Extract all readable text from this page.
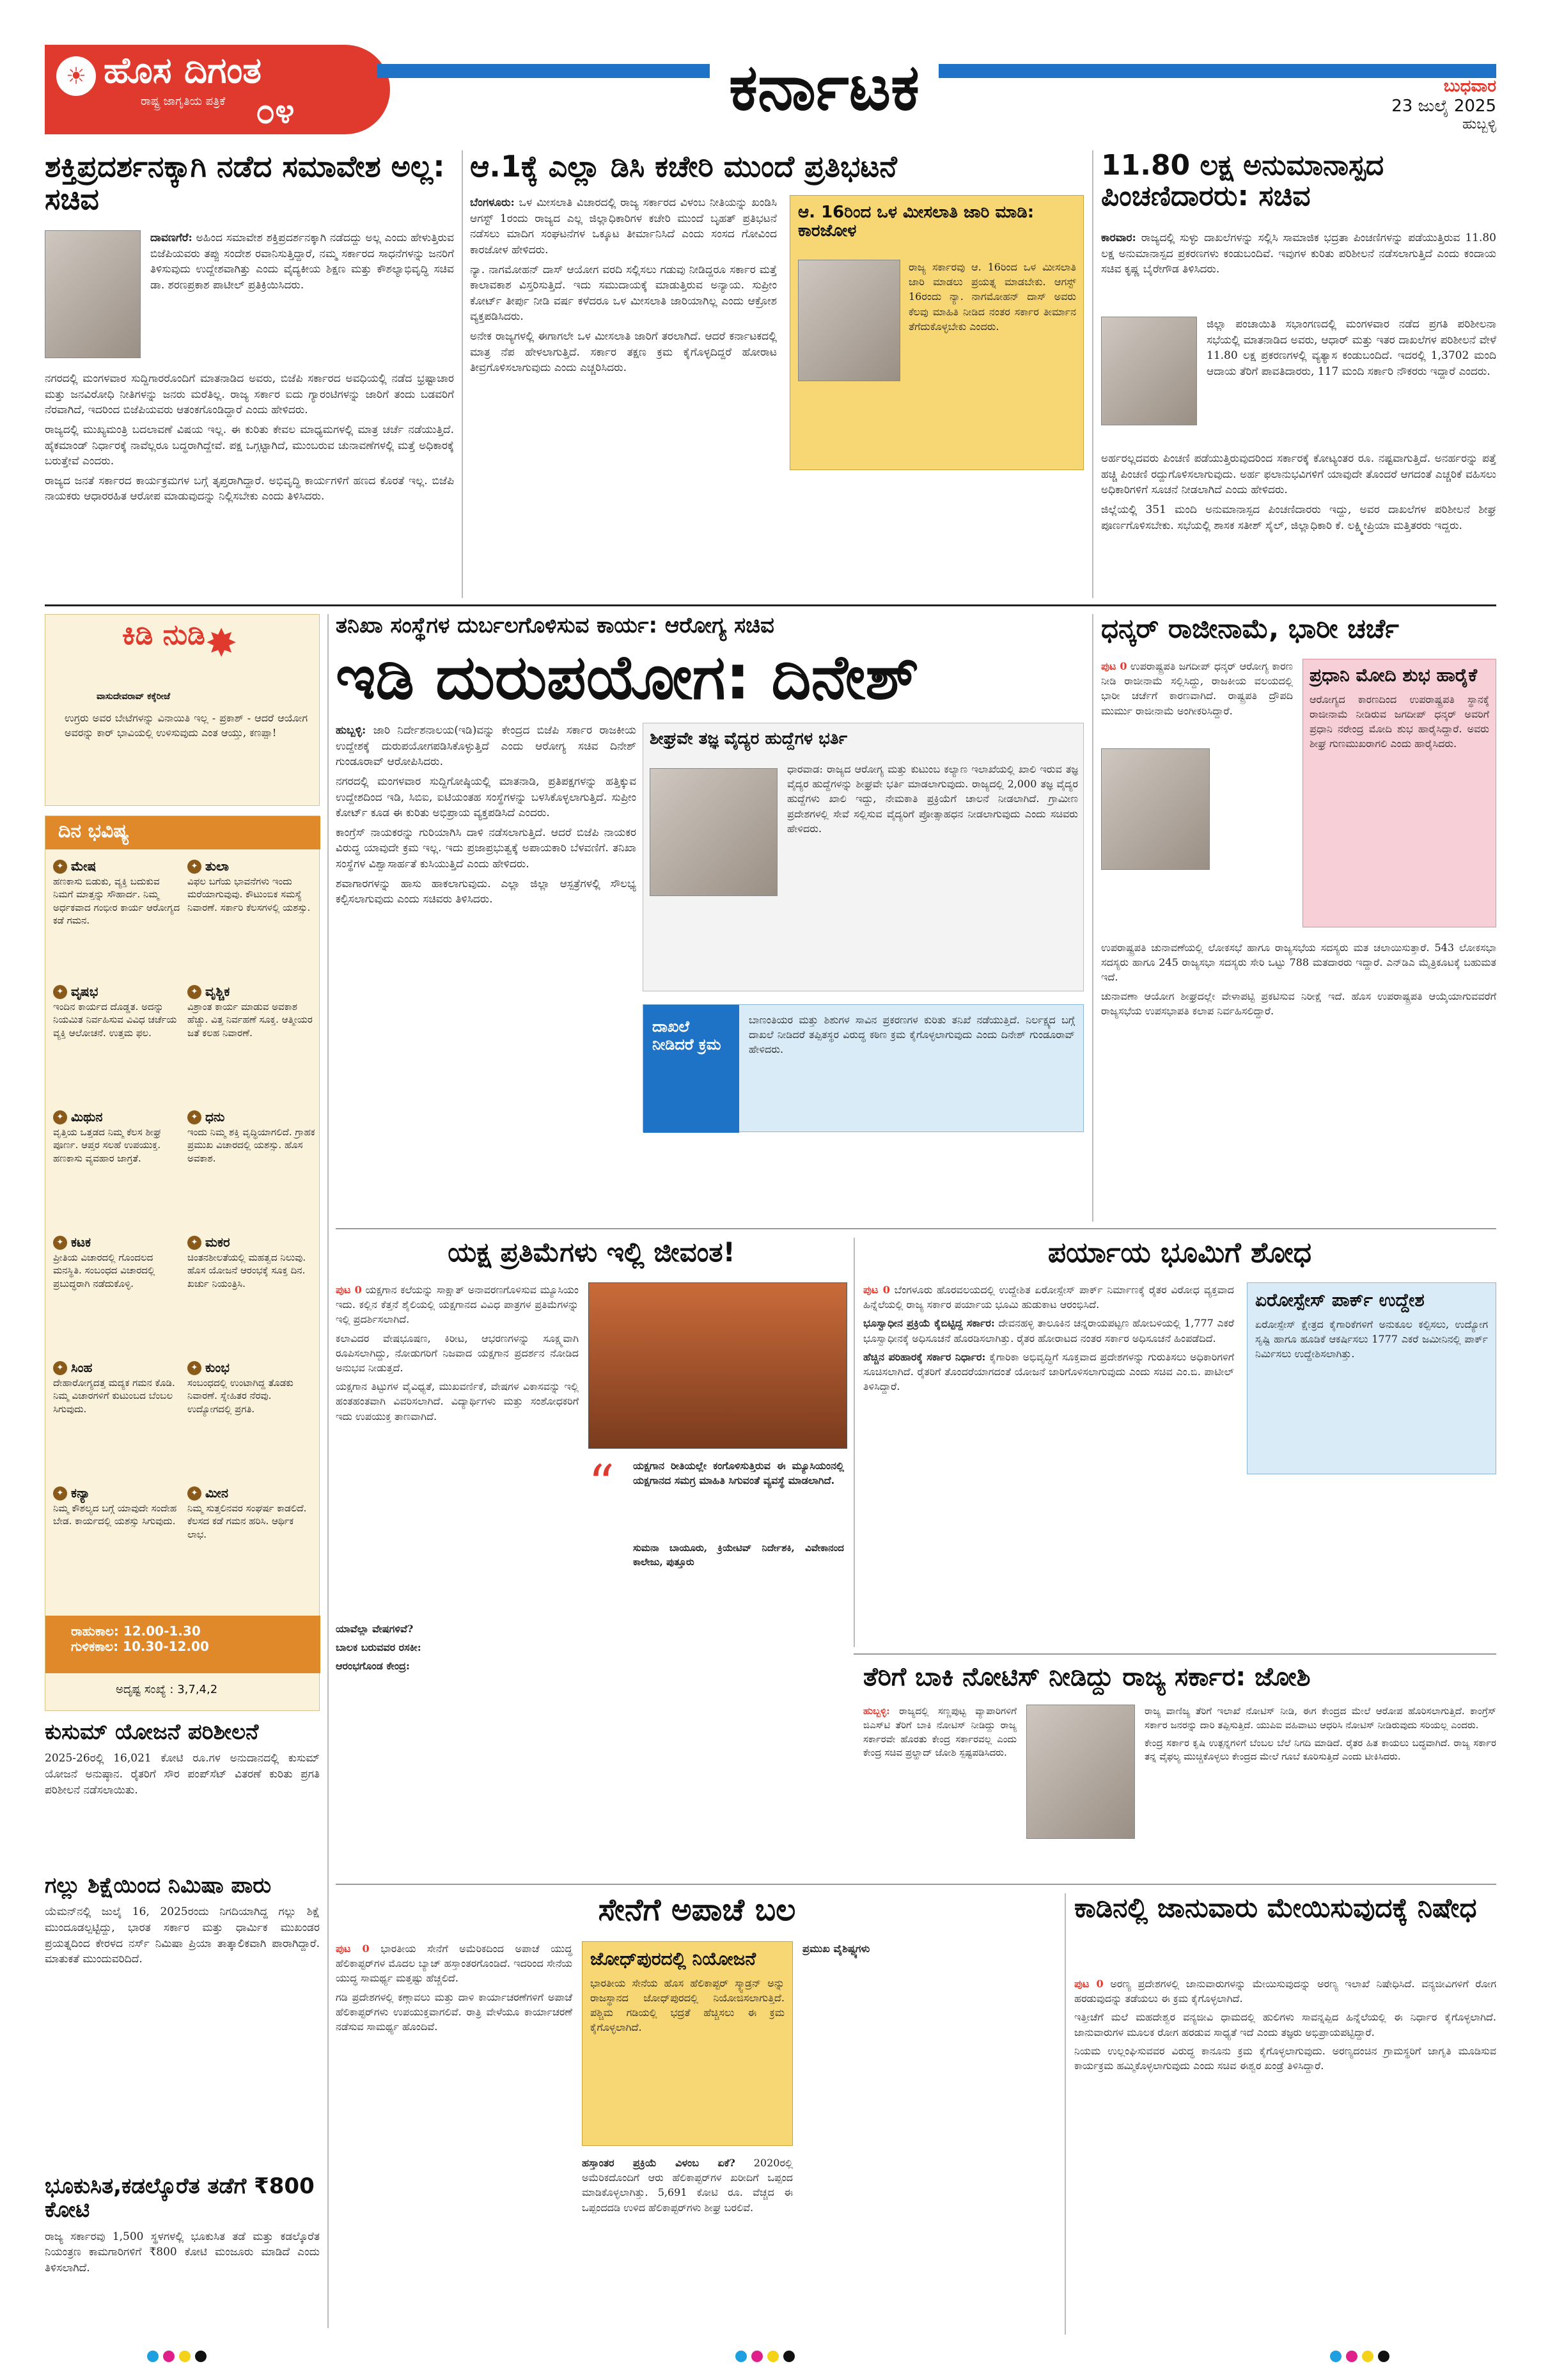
☀ ಹೊಸ ದಿಗಂತ
ರಾಷ್ಟ್ರ ಜಾಗೃತಿಯ ಪತ್ರಿಕೆ ೦೪	ಕರ್ನಾಟಕ	ಬುಧವಾರ
23 ಜುಲೈ 2025
ಹುಬ್ಬಳ್ಳಿ
ಶಕ್ತಿಪ್ರದರ್ಶನಕ್ಕಾಗಿ ನಡೆದ ಸಮಾವೇಶ ಅಲ್ಲ: ಸಚಿವ

ದಾವಣಗೆರೆ: ಅಹಿಂದ ಸಮಾವೇಶ ಶಕ್ತಿಪ್ರದರ್ಶನಕ್ಕಾಗಿ ನಡೆದದ್ದು ಅಲ್ಲ ಎಂದು ಹೇಳುತ್ತಿರುವ ಬಿಜೆಪಿಯವರು ತಪ್ಪು ಸಂದೇಶ ರವಾನಿಸುತ್ತಿದ್ದಾರೆ, ನಮ್ಮ ಸರ್ಕಾರದ ಸಾಧನೆಗಳನ್ನು ಜನರಿಗೆ ತಿಳಿಸುವುದು ಉದ್ದೇಶವಾಗಿತ್ತು ಎಂದು ವೈದ್ಯಕೀಯ ಶಿಕ್ಷಣ ಮತ್ತು ಕೌಶಲ್ಯಾಭಿವೃದ್ಧಿ ಸಚಿವ ಡಾ. ಶರಣಪ್ರಕಾಶ ಪಾಟೀಲ್ ಪ್ರತಿಕ್ರಿಯಿಸಿದರು.

ನಗರದಲ್ಲಿ ಮಂಗಳವಾರ ಸುದ್ದಿಗಾರರೊಂದಿಗೆ ಮಾತನಾಡಿದ ಅವರು, ಬಿಜೆಪಿ ಸರ್ಕಾರದ ಅವಧಿಯಲ್ಲಿ ನಡೆದ ಭ್ರಷ್ಟಾಚಾರ ಮತ್ತು ಜನವಿರೋಧಿ ನೀತಿಗಳನ್ನು ಜನರು ಮರೆತಿಲ್ಲ. ರಾಜ್ಯ ಸರ್ಕಾರ ಐದು ಗ್ಯಾರಂಟಿಗಳನ್ನು ಜಾರಿಗೆ ತಂದು ಬಡವರಿಗೆ ನೆರವಾಗಿದೆ, ಇದರಿಂದ ಬಿಜೆಪಿಯವರು ಆತಂಕಗೊಂಡಿದ್ದಾರೆ ಎಂದು ಹೇಳಿದರು.

ರಾಜ್ಯದಲ್ಲಿ ಮುಖ್ಯಮಂತ್ರಿ ಬದಲಾವಣೆ ವಿಷಯ ಇಲ್ಲ. ಈ ಕುರಿತು ಕೇವಲ ಮಾಧ್ಯಮಗಳಲ್ಲಿ ಮಾತ್ರ ಚರ್ಚೆ ನಡೆಯುತ್ತಿದೆ. ಹೈಕಮಾಂಡ್ ನಿರ್ಧಾರಕ್ಕೆ ನಾವೆಲ್ಲರೂ ಬದ್ಧರಾಗಿದ್ದೇವೆ. ಪಕ್ಷ ಒಗ್ಗಟ್ಟಾಗಿದೆ, ಮುಂಬರುವ ಚುನಾವಣೆಗಳಲ್ಲಿ ಮತ್ತೆ ಅಧಿಕಾರಕ್ಕೆ ಬರುತ್ತೇವೆ ಎಂದರು.

ರಾಜ್ಯದ ಜನತೆ ಸರ್ಕಾರದ ಕಾರ್ಯಕ್ರಮಗಳ ಬಗ್ಗೆ ತೃಪ್ತರಾಗಿದ್ದಾರೆ. ಅಭಿವೃದ್ಧಿ ಕಾರ್ಯಗಳಿಗೆ ಹಣದ ಕೊರತೆ ಇಲ್ಲ. ಬಿಜೆಪಿ ನಾಯಕರು ಆಧಾರರಹಿತ ಆರೋಪ ಮಾಡುವುದನ್ನು ನಿಲ್ಲಿಸಬೇಕು ಎಂದು ತಿಳಿಸಿದರು.

ಆ.1ಕ್ಕೆ ಎಲ್ಲಾ ಡಿಸಿ ಕಚೇರಿ ಮುಂದೆ ಪ್ರತಿಭಟನೆ

ಬೆಂಗಳೂರು: ಒಳ ಮೀಸಲಾತಿ ವಿಚಾರದಲ್ಲಿ ರಾಜ್ಯ ಸರ್ಕಾರದ ವಿಳಂಬ ನೀತಿಯನ್ನು ಖಂಡಿಸಿ ಆಗಸ್ಟ್ 1ರಂದು ರಾಜ್ಯದ ಎಲ್ಲ ಜಿಲ್ಲಾಧಿಕಾರಿಗಳ ಕಚೇರಿ ಮುಂದೆ ಬೃಹತ್ ಪ್ರತಿಭಟನೆ ನಡೆಸಲು ಮಾದಿಗ ಸಂಘಟನೆಗಳ ಒಕ್ಕೂಟ ತೀರ್ಮಾನಿಸಿದೆ ಎಂದು ಸಂಸದ ಗೋವಿಂದ ಕಾರಜೋಳ ಹೇಳಿದರು.

ನ್ಯಾ. ನಾಗಮೋಹನ್ ದಾಸ್ ಆಯೋಗ ವರದಿ ಸಲ್ಲಿಸಲು ಗಡುವು ನೀಡಿದ್ದರೂ ಸರ್ಕಾರ ಮತ್ತೆ ಕಾಲಾವಕಾಶ ವಿಸ್ತರಿಸುತ್ತಿದೆ. ಇದು ಸಮುದಾಯಕ್ಕೆ ಮಾಡುತ್ತಿರುವ ಅನ್ಯಾಯ. ಸುಪ್ರೀಂ ಕೋರ್ಟ್ ತೀರ್ಪು ನೀಡಿ ವರ್ಷ ಕಳೆದರೂ ಒಳ ಮೀಸಲಾತಿ ಜಾರಿಯಾಗಿಲ್ಲ ಎಂದು ಆಕ್ರೋಶ ವ್ಯಕ್ತಪಡಿಸಿದರು.

ಅನೇಕ ರಾಜ್ಯಗಳಲ್ಲಿ ಈಗಾಗಲೇ ಒಳ ಮೀಸಲಾತಿ ಜಾರಿಗೆ ತರಲಾಗಿದೆ. ಆದರೆ ಕರ್ನಾಟಕದಲ್ಲಿ ಮಾತ್ರ ನೆಪ ಹೇಳಲಾಗುತ್ತಿದೆ. ಸರ್ಕಾರ ತಕ್ಷಣ ಕ್ರಮ ಕೈಗೊಳ್ಳದಿದ್ದರೆ ಹೋರಾಟ ತೀವ್ರಗೊಳಿಸಲಾಗುವುದು ಎಂದು ಎಚ್ಚರಿಸಿದರು.

ಆ. 16ರಿಂದ ಒಳ ಮೀಸಲಾತಿ ಜಾರಿ ಮಾಡಿ: ಕಾರಜೋಳ
ರಾಜ್ಯ ಸರ್ಕಾರವು ಆ. 16ರಿಂದ ಒಳ ಮೀಸಲಾತಿ ಜಾರಿ ಮಾಡಲು ಪ್ರಯತ್ನ ಮಾಡಬೇಕು. ಆಗಸ್ಟ್ 16ರಂದು ನ್ಯಾ. ನಾಗಮೋಹನ್ ದಾಸ್ ಅವರು ಕೆಲವು ಮಾಹಿತಿ ನೀಡಿದ ನಂತರ ಸರ್ಕಾರ ತೀರ್ಮಾನ ತೆಗೆದುಕೊಳ್ಳಬೇಕು ಎಂದರು.
11.80 ಲಕ್ಷ ಅನುಮಾನಾಸ್ಪದ ಪಿಂಚಣಿದಾರರು: ಸಚಿವ

ಕಾರವಾರ: ರಾಜ್ಯದಲ್ಲಿ ಸುಳ್ಳು ದಾಖಲೆಗಳನ್ನು ಸಲ್ಲಿಸಿ ಸಾಮಾಜಿಕ ಭದ್ರತಾ ಪಿಂಚಣಿಗಳನ್ನು ಪಡೆಯುತ್ತಿರುವ 11.80 ಲಕ್ಷ ಅನುಮಾನಾಸ್ಪದ ಪ್ರಕರಣಗಳು ಕಂಡುಬಂದಿವೆ. ಇವುಗಳ ಕುರಿತು ಪರಿಶೀಲನೆ ನಡೆಸಲಾಗುತ್ತಿದೆ ಎಂದು ಕಂದಾಯ ಸಚಿವ ಕೃಷ್ಣ ಬೈರೇಗೌಡ ತಿಳಿಸಿದರು.

ಜಿಲ್ಲಾ ಪಂಚಾಯಿತಿ ಸಭಾಂಗಣದಲ್ಲಿ ಮಂಗಳವಾರ ನಡೆದ ಪ್ರಗತಿ ಪರಿಶೀಲನಾ ಸಭೆಯಲ್ಲಿ ಮಾತನಾಡಿದ ಅವರು, ಆಧಾರ್ ಮತ್ತು ಇತರ ದಾಖಲೆಗಳ ಪರಿಶೀಲನೆ ವೇಳೆ 11.80 ಲಕ್ಷ ಪ್ರಕರಣಗಳಲ್ಲಿ ವ್ಯತ್ಯಾಸ ಕಂಡುಬಂದಿದೆ. ಇದರಲ್ಲಿ 1,3702 ಮಂದಿ ಆದಾಯ ತೆರಿಗೆ ಪಾವತಿದಾರರು, 117 ಮಂದಿ ಸರ್ಕಾರಿ ನೌಕರರು ಇದ್ದಾರೆ ಎಂದರು.

ಅರ್ಹರಲ್ಲದವರು ಪಿಂಚಣಿ ಪಡೆಯುತ್ತಿರುವುದರಿಂದ ಸರ್ಕಾರಕ್ಕೆ ಕೋಟ್ಯಂತರ ರೂ. ನಷ್ಟವಾಗುತ್ತಿದೆ. ಅನರ್ಹರನ್ನು ಪತ್ತೆ ಹಚ್ಚಿ ಪಿಂಚಣಿ ರದ್ದುಗೊಳಿಸಲಾಗುವುದು. ಅರ್ಹ ಫಲಾನುಭವಿಗಳಿಗೆ ಯಾವುದೇ ತೊಂದರೆ ಆಗದಂತೆ ಎಚ್ಚರಿಕೆ ವಹಿಸಲು ಅಧಿಕಾರಿಗಳಿಗೆ ಸೂಚನೆ ನೀಡಲಾಗಿದೆ ಎಂದು ಹೇಳಿದರು.

ಜಿಲ್ಲೆಯಲ್ಲಿ 351 ಮಂದಿ ಅನುಮಾನಾಸ್ಪದ ಪಿಂಚಣಿದಾರರು ಇದ್ದು, ಅವರ ದಾಖಲೆಗಳ ಪರಿಶೀಲನೆ ಶೀಘ್ರ ಪೂರ್ಣಗೊಳಿಸಬೇಕು. ಸಭೆಯಲ್ಲಿ ಶಾಸಕ ಸತೀಶ್ ಸೈಲ್, ಜಿಲ್ಲಾಧಿಕಾರಿ ಕೆ. ಲಕ್ಷ್ಮೀಪ್ರಿಯಾ ಮತ್ತಿತರರು ಇದ್ದರು.

✸
ಕಿಡಿ ನುಡಿ
ವಾಸುದೇವರಾವ್ ಕಕ್ಕೆರೀಜೆ
ಉಗ್ರರು ಅವರ ಬೇಟೆಗಳನ್ನು ವಿನಾಯಿತಿ ಇಲ್ಲ - ಪ್ರಕಾಶ್ - ಆದರೆ ಆಯೋಗ ಅವರನ್ನು ಕಾರ್ ಭಾವಿಯಲ್ಲಿ ಉಳಿಸುವುದು ಎಂತ ಆಯ್ತು, ಕಣಪ್ಪಾ!
ದಿನ ಭವಿಷ್ಯ
✦ ಮೇಷ
ಹಣಕಾಸು ಬಿಡುಕು, ವ್ಯಕ್ತಿ ಬದುಕುವ ನಿಮಗೆ ಮಾತ್ತನ್ನು ಸೌಹಾರ್ದ. ನಿಮ್ಮ ಅರ್ಧಕವಾದ ಗಂಭೀರ ಕಾರ್ಯ ಆರೋಗ್ಯದ ಕಡೆ ಗಮನ.
✦ ತುಲಾ
ವಿಫಲ ಬಗೆಯ ಭಾವನೆಗಳು ಇಂದು ಮರೆಯಾಗುವುವು. ಕೌಟುಂಬಿಕ ಸಮಸ್ಯೆ ನಿವಾರಣೆ. ಸರ್ಕಾರಿ ಕೆಲಸಗಳಲ್ಲಿ ಯಶಸ್ಸು.
✦ ವೃಷಭ
ಇಂದಿನ ಕಾರ್ಯದ ದೊಡ್ಡತ. ಅದನ್ನು ನಿಯಮಿತ ನಿರ್ವಹಿಸುವ ವಿವಿಧ ಚರ್ಚೆಯ ವ್ಯಕ್ತಿ ಆಲೋಚನೆ. ಉತ್ತಮ ಫಲ.
✦ ವೃಶ್ಚಿಕ
ವಿಶ್ರಾಂತ ಕಾರ್ಯ ಮಾಡುವ ಅವಕಾಶ ಹೆಚ್ಚು. ವಿತ್ತ ನಿರ್ವಹಣೆ ಸೂಕ್ತ. ಆತ್ಮೀಯರ ಜತೆ ಕಲಹ ನಿವಾರಣೆ.
✦ ಮಿಥುನ
ವೃತ್ತಿಯ ಒತ್ತಡದ ನಿಮ್ಮ ಕೆಲಸ ಶೀಘ್ರ ಪೂರ್ಣ. ಆಪ್ತರ ಸಲಹೆ ಉಪಯುಕ್ತ. ಹಣಕಾಸು ವ್ಯವಹಾರ ಜಾಗ್ರತೆ.
✦ ಧನು
ಇಂದು ನಿಮ್ಮ ಶಕ್ತಿ ವೃದ್ಧಿಯಾಗಲಿದೆ. ಗ್ರಾಹಕ ಪ್ರಮುಖ ವಿಚಾರದಲ್ಲಿ ಯಶಸ್ಸು. ಹೊಸ ಅವಕಾಶ.
✦ ಕಟಕ
ಪ್ರೀತಿಯ ವಿಚಾರದಲ್ಲಿ ಗೊಂದಲದ ಮನಸ್ಥಿತಿ. ಸಂಬಂಧದ ವಿಚಾರದಲ್ಲಿ ಪ್ರಬುದ್ಧರಾಗಿ ನಡೆದುಕೊಳ್ಳಿ.
✦ ಮಕರ
ಚಿಂತನಶೀಲತೆಯಲ್ಲಿ ಮಹತ್ವದ ನಿಲುವು. ಹೊಸ ಯೋಜನೆ ಆರಂಭಕ್ಕೆ ಸೂಕ್ತ ದಿನ. ಖರ್ಚು ನಿಯಂತ್ರಿಸಿ.
✦ ಸಿಂಹ
ದೇಹಾರೋಗ್ಯದತ್ತ ಮದ್ಯಕ ಗಮನ ಕೊಡಿ. ನಿಮ್ಮ ವಿಚಾರಗಳಿಗೆ ಕುಟುಂಬದ ಬೆಂಬಲ ಸಿಗುವುದು.
✦ ಕುಂಭ
ಸಂಬಂಧದಲ್ಲಿ ಉಂಟಾಗಿದ್ದ ತೊಡಕು ನಿವಾರಣೆ. ಸ್ನೇಹಿತರ ನೆರವು. ಉದ್ಯೋಗದಲ್ಲಿ ಪ್ರಗತಿ.
✦ ಕನ್ಯಾ
ನಿಮ್ಮ ಕೌಶಲ್ಯದ ಬಗ್ಗೆ ಯಾವುದೇ ಸಂದೇಹ ಬೇಡ. ಕಾರ್ಯದಲ್ಲಿ ಯಶಸ್ಸು ಸಿಗುವುದು.
✦ ಮೀನ
ನಿಮ್ಮ ಸುತ್ತಲಿನವರ ಸಂಘರ್ಷ ಕಾಡಲಿದೆ. ಕೆಲಸದ ಕಡೆ ಗಮನ ಹರಿಸಿ. ಆರ್ಥಿಕ ಲಾಭ.
ರಾಹುಕಾಲ: 12.00-1.30
ಗುಳಿಕಕಾಲ: 10.30-12.00
ಅದೃಷ್ಟ ಸಂಖ್ಯೆ : 3,7,4,2
ಕುಸುಮ್ ಯೋಜನೆ ಪರಿಶೀಲನೆ
2025-26ರಲ್ಲಿ 16,021 ಕೋಟಿ ರೂ.ಗಳ ಅನುದಾನದಲ್ಲಿ ಕುಸುಮ್ ಯೋಜನೆ ಅನುಷ್ಠಾನ. ರೈತರಿಗೆ ಸೌರ ಪಂಪ್‌ಸೆಟ್ ವಿತರಣೆ ಕುರಿತು ಪ್ರಗತಿ ಪರಿಶೀಲನೆ ನಡೆಸಲಾಯಿತು.
ಗಲ್ಲು ಶಿಕ್ಷೆಯಿಂದ ನಿಮಿಷಾ ಪಾರು
ಯೆಮನ್‌ನಲ್ಲಿ ಜುಲೈ 16, 2025ರಂದು ನಿಗದಿಯಾಗಿದ್ದ ಗಲ್ಲು ಶಿಕ್ಷೆ ಮುಂದೂಡಲ್ಪಟ್ಟಿದ್ದು, ಭಾರತ ಸರ್ಕಾರ ಮತ್ತು ಧಾರ್ಮಿಕ ಮುಖಂಡರ ಪ್ರಯತ್ನದಿಂದ ಕೇರಳದ ನರ್ಸ್ ನಿಮಿಷಾ ಪ್ರಿಯಾ ತಾತ್ಕಾಲಿಕವಾಗಿ ಪಾರಾಗಿದ್ದಾರೆ. ಮಾತುಕತೆ ಮುಂದುವರಿದಿದೆ.
ಭೂಕುಸಿತ,ಕಡಲ್ಕೊರೆತ ತಡೆಗೆ ₹800 ಕೋಟಿ
ರಾಜ್ಯ ಸರ್ಕಾರವು 1,500 ಸ್ಥಳಗಳಲ್ಲಿ ಭೂಕುಸಿತ ತಡೆ ಮತ್ತು ಕಡಲ್ಕೊರೆತ ನಿಯಂತ್ರಣ ಕಾಮಗಾರಿಗಳಿಗೆ ₹800 ಕೋಟಿ ಮಂಜೂರು ಮಾಡಿದೆ ಎಂದು ತಿಳಿಸಲಾಗಿದೆ.
ತನಿಖಾ ಸಂಸ್ಥೆಗಳ ದುರ್ಬಲಗೊಳಿಸುವ ಕಾರ್ಯ: ಆರೋಗ್ಯ ಸಚಿವ
ಇಡಿ ದುರುಪಯೋಗ: ದಿನೇಶ್

ಹುಬ್ಬಳ್ಳಿ: ಜಾರಿ ನಿರ್ದೇಶನಾಲಯ(ಇಡಿ)ವನ್ನು ಕೇಂದ್ರದ ಬಿಜೆಪಿ ಸರ್ಕಾರ ರಾಜಕೀಯ ಉದ್ದೇಶಕ್ಕೆ ದುರುಪಯೋಗಪಡಿಸಿಕೊಳ್ಳುತ್ತಿದೆ ಎಂದು ಆರೋಗ್ಯ ಸಚಿವ ದಿನೇಶ್ ಗುಂಡೂರಾವ್ ಆರೋಪಿಸಿದರು.

ನಗರದಲ್ಲಿ ಮಂಗಳವಾರ ಸುದ್ದಿಗೋಷ್ಠಿಯಲ್ಲಿ ಮಾತನಾಡಿ, ಪ್ರತಿಪಕ್ಷಗಳನ್ನು ಹತ್ತಿಕ್ಕುವ ಉದ್ದೇಶದಿಂದ ಇಡಿ, ಸಿಬಿಐ, ಐಟಿಯಂತಹ ಸಂಸ್ಥೆಗಳನ್ನು ಬಳಸಿಕೊಳ್ಳಲಾಗುತ್ತಿದೆ. ಸುಪ್ರೀಂ ಕೋರ್ಟ್ ಕೂಡ ಈ ಕುರಿತು ಅಭಿಪ್ರಾಯ ವ್ಯಕ್ತಪಡಿಸಿದೆ ಎಂದರು.

ಕಾಂಗ್ರೆಸ್ ನಾಯಕರನ್ನು ಗುರಿಯಾಗಿಸಿ ದಾಳಿ ನಡೆಸಲಾಗುತ್ತಿದೆ. ಆದರೆ ಬಿಜೆಪಿ ನಾಯಕರ ವಿರುದ್ಧ ಯಾವುದೇ ಕ್ರಮ ಇಲ್ಲ. ಇದು ಪ್ರಜಾಪ್ರಭುತ್ವಕ್ಕೆ ಅಪಾಯಕಾರಿ ಬೆಳವಣಿಗೆ. ತನಿಖಾ ಸಂಸ್ಥೆಗಳ ವಿಶ್ವಾಸಾರ್ಹತೆ ಕುಸಿಯುತ್ತಿದೆ ಎಂದು ಹೇಳಿದರು.

ಶವಾಗಾರಗಳನ್ನು ಹಾಸು ಹಾಕಲಾಗುವುದು. ಎಲ್ಲಾ ಜಿಲ್ಲಾ ಆಸ್ಪತ್ರೆಗಳಲ್ಲಿ ಸೌಲಭ್ಯ ಕಲ್ಪಿಸಲಾಗುವುದು ಎಂದು ಸಚಿವರು ತಿಳಿಸಿದರು.

ಶೀಘ್ರವೇ ತಜ್ಞ ವೈದ್ಯರ ಹುದ್ದೆಗಳ ಭರ್ತಿ
ಧಾರವಾಡ: ರಾಜ್ಯದ ಆರೋಗ್ಯ ಮತ್ತು ಕುಟುಂಬ ಕಲ್ಯಾಣ ಇಲಾಖೆಯಲ್ಲಿ ಖಾಲಿ ಇರುವ ತಜ್ಞ ವೈದ್ಯರ ಹುದ್ದೆಗಳನ್ನು ಶೀಘ್ರವೇ ಭರ್ತಿ ಮಾಡಲಾಗುವುದು. ರಾಜ್ಯದಲ್ಲಿ 2,000 ತಜ್ಞ ವೈದ್ಯರ ಹುದ್ದೆಗಳು ಖಾಲಿ ಇದ್ದು, ನೇಮಕಾತಿ ಪ್ರಕ್ರಿಯೆಗೆ ಚಾಲನೆ ನೀಡಲಾಗಿದೆ. ಗ್ರಾಮೀಣ ಪ್ರದೇಶಗಳಲ್ಲಿ ಸೇವೆ ಸಲ್ಲಿಸುವ ವೈದ್ಯರಿಗೆ ಪ್ರೋತ್ಸಾಹಧನ ನೀಡಲಾಗುವುದು ಎಂದು ಸಚಿವರು ಹೇಳಿದರು.
ದಾಖಲೆ ನೀಡಿದರೆ ಕ್ರಮ
ಬಾಣಂತಿಯರ ಮತ್ತು ಶಿಶುಗಳ ಸಾವಿನ ಪ್ರಕರಣಗಳ ಕುರಿತು ತನಿಖೆ ನಡೆಯುತ್ತಿದೆ. ನಿರ್ಲಕ್ಷ್ಯದ ಬಗ್ಗೆ ದಾಖಲೆ ನೀಡಿದರೆ ತಪ್ಪಿತಸ್ಥರ ವಿರುದ್ಧ ಕಠಿಣ ಕ್ರಮ ಕೈಗೊಳ್ಳಲಾಗುವುದು ಎಂದು ದಿನೇಶ್ ಗುಂಡೂರಾವ್ ಹೇಳಿದರು.
ಧನ್ಕರ್ ರಾಜೀನಾಮೆ, ಭಾರೀ ಚರ್ಚೆ

ಪುಟ 0 ಉಪರಾಷ್ಟ್ರಪತಿ ಜಗದೀಪ್ ಧನ್ಕರ್ ಆರೋಗ್ಯ ಕಾರಣ ನೀಡಿ ರಾಜೀನಾಮೆ ಸಲ್ಲಿಸಿದ್ದು, ರಾಜಕೀಯ ವಲಯದಲ್ಲಿ ಭಾರೀ ಚರ್ಚೆಗೆ ಕಾರಣವಾಗಿದೆ. ರಾಷ್ಟ್ರಪತಿ ದ್ರೌಪದಿ ಮುರ್ಮು ರಾಜೀನಾಮೆ ಅಂಗೀಕರಿಸಿದ್ದಾರೆ.

ಪ್ರಧಾನಿ ಮೋದಿ ಶುಭ ಹಾರೈಕೆ
ಆರೋಗ್ಯದ ಕಾರಣದಿಂದ ಉಪರಾಷ್ಟ್ರಪತಿ ಸ್ಥಾನಕ್ಕೆ ರಾಜೀನಾಮೆ ನೀಡಿರುವ ಜಗದೀಪ್ ಧನ್ಕರ್ ಅವರಿಗೆ ಪ್ರಧಾನಿ ನರೇಂದ್ರ ಮೋದಿ ಶುಭ ಹಾರೈಸಿದ್ದಾರೆ. ಅವರು ಶೀಘ್ರ ಗುಣಮುಖರಾಗಲಿ ಎಂದು ಹಾರೈಸಿದರು.

ಉಪರಾಷ್ಟ್ರಪತಿ ಚುನಾವಣೆಯಲ್ಲಿ ಲೋಕಸಭೆ ಹಾಗೂ ರಾಜ್ಯಸಭೆಯ ಸದಸ್ಯರು ಮತ ಚಲಾಯಿಸುತ್ತಾರೆ. 543 ಲೋಕಸಭಾ ಸದಸ್ಯರು ಹಾಗೂ 245 ರಾಜ್ಯಸಭಾ ಸದಸ್ಯರು ಸೇರಿ ಒಟ್ಟು 788 ಮತದಾರರು ಇದ್ದಾರೆ. ಎನ್‌ಡಿಎ ಮೈತ್ರಿಕೂಟಕ್ಕೆ ಬಹುಮತ ಇದೆ.

ಚುನಾವಣಾ ಆಯೋಗ ಶೀಘ್ರದಲ್ಲೇ ವೇಳಾಪಟ್ಟಿ ಪ್ರಕಟಿಸುವ ನಿರೀಕ್ಷೆ ಇದೆ. ಹೊಸ ಉಪರಾಷ್ಟ್ರಪತಿ ಆಯ್ಕೆಯಾಗುವವರೆಗೆ ರಾಜ್ಯಸಭೆಯ ಉಪಸಭಾಪತಿ ಕಲಾಪ ನಿರ್ವಹಿಸಲಿದ್ದಾರೆ.

ಯಕ್ಷ ಪ್ರತಿಮೆಗಳು ಇಲ್ಲಿ ಜೀವಂತ!

ಪುಟ 0 ಯಕ್ಷಗಾನ ಕಲೆಯನ್ನು ಸಾಕ್ಷಾತ್ ಅನಾವರಣಗೊಳಿಸುವ ಮ್ಯೂಸಿಯಂ ಇದು. ಕಲ್ಲಿನ ಕೆತ್ತನೆ ಶೈಲಿಯಲ್ಲಿ ಯಕ್ಷಗಾನದ ವಿವಿಧ ಪಾತ್ರಗಳ ಪ್ರತಿಮೆಗಳನ್ನು ಇಲ್ಲಿ ಪ್ರದರ್ಶಿಸಲಾಗಿದೆ.

ಕಲಾವಿದರ ವೇಷಭೂಷಣ, ಕಿರೀಟ, ಆಭರಣಗಳನ್ನು ಸೂಕ್ಷ್ಮವಾಗಿ ರೂಪಿಸಲಾಗಿದ್ದು, ನೋಡುಗರಿಗೆ ನಿಜವಾದ ಯಕ್ಷಗಾನ ಪ್ರದರ್ಶನ ನೋಡಿದ ಅನುಭವ ನೀಡುತ್ತದೆ.

ಯಕ್ಷಗಾನ ತಿಟ್ಟುಗಳ ವೈವಿಧ್ಯತೆ, ಮುಖವರ್ಣಿಕೆ, ವೇಷಗಳ ವಿಕಾಸವನ್ನು ಇಲ್ಲಿ ಹಂತಹಂತವಾಗಿ ವಿವರಿಸಲಾಗಿದೆ. ವಿದ್ಯಾರ್ಥಿಗಳು ಮತ್ತು ಸಂಶೋಧಕರಿಗೆ ಇದು ಉಪಯುಕ್ತ ತಾಣವಾಗಿದೆ.

“ ಯಕ್ಷಗಾನ ರೀತಿಯಲ್ಲೇ ಕಂಗೊಳಿಸುತ್ತಿರುವ ಈ ಮ್ಯೂಸಿಯಂನಲ್ಲಿ ಯಕ್ಷಗಾನದ ಸಮಗ್ರ ಮಾಹಿತಿ ಸಿಗುವಂತೆ ವ್ಯವಸ್ಥೆ ಮಾಡಲಾಗಿದೆ.
ಸುಮನಾ ಬಾಯೂರು, ಕ್ರಿಯೇಟಿವ್ ನಿರ್ದೇಶಕಿ, ವಿವೇಕಾನಂದ ಕಾಲೇಜು, ಪುತ್ತೂರು

ಯಾವೆಲ್ಲಾ ವೇಷಗಳಿವೆ?

ಬಾಲಕ ಬರುವವರ ರಸಕೀ:

ಆರಂಭಗೊಂಡ ಕೇಂದ್ರ:

ಪರ್ಯಾಯ ಭೂಮಿಗೆ ಶೋಧ

ಪುಟ 0 ಬೆಂಗಳೂರು ಹೊರವಲಯದಲ್ಲಿ ಉದ್ದೇಶಿತ ಏರೋಸ್ಪೇಸ್ ಪಾರ್ಕ್ ನಿರ್ಮಾಣಕ್ಕೆ ರೈತರ ವಿರೋಧ ವ್ಯಕ್ತವಾದ ಹಿನ್ನೆಲೆಯಲ್ಲಿ ರಾಜ್ಯ ಸರ್ಕಾರ ಪರ್ಯಾಯ ಭೂಮಿ ಹುಡುಕಾಟ ಆರಂಭಿಸಿದೆ.

ಭೂಸ್ವಾಧೀನ ಪ್ರಕ್ರಿಯೆ ಕೈಬಿಟ್ಟಿದ್ದ ಸರ್ಕಾರ: ದೇವನಹಳ್ಳಿ ತಾಲೂಕಿನ ಚನ್ನರಾಯಪಟ್ಟಣ ಹೋಬಳಿಯಲ್ಲಿ 1,777 ಎಕರೆ ಭೂಸ್ವಾಧೀನಕ್ಕೆ ಅಧಿಸೂಚನೆ ಹೊರಡಿಸಲಾಗಿತ್ತು. ರೈತರ ಹೋರಾಟದ ನಂತರ ಸರ್ಕಾರ ಅಧಿಸೂಚನೆ ಹಿಂಪಡೆದಿದೆ.

ಹೆಚ್ಚಿನ ಪರಿಹಾರಕ್ಕೆ ಸರ್ಕಾರ ನಿರ್ಧಾರ: ಕೈಗಾರಿಕಾ ಅಭಿವೃದ್ಧಿಗೆ ಸೂಕ್ತವಾದ ಪ್ರದೇಶಗಳನ್ನು ಗುರುತಿಸಲು ಅಧಿಕಾರಿಗಳಿಗೆ ಸೂಚಿಸಲಾಗಿದೆ. ರೈತರಿಗೆ ತೊಂದರೆಯಾಗದಂತೆ ಯೋಜನೆ ಜಾರಿಗೊಳಿಸಲಾಗುವುದು ಎಂದು ಸಚಿವ ಎಂ.ಬಿ. ಪಾಟೀಲ್ ತಿಳಿಸಿದ್ದಾರೆ.

ಏರೋಸ್ಪೇಸ್ ಪಾರ್ಕ್ ಉದ್ದೇಶ
ಏರೋಸ್ಪೇಸ್ ಕ್ಷೇತ್ರದ ಕೈಗಾರಿಕೆಗಳಿಗೆ ಅನುಕೂಲ ಕಲ್ಪಿಸಲು, ಉದ್ಯೋಗ ಸೃಷ್ಟಿ ಹಾಗೂ ಹೂಡಿಕೆ ಆಕರ್ಷಿಸಲು 1777 ಎಕರೆ ಜಮೀನಿನಲ್ಲಿ ಪಾರ್ಕ್ ನಿರ್ಮಿಸಲು ಉದ್ದೇಶಿಸಲಾಗಿತ್ತು.
ತೆರಿಗೆ ಬಾಕಿ ನೋಟಿಸ್ ನೀಡಿದ್ದು ರಾಜ್ಯ ಸರ್ಕಾರ: ಜೋಶಿ

ಹುಬ್ಬಳ್ಳಿ: ರಾಜ್ಯದಲ್ಲಿ ಸಣ್ಣಪುಟ್ಟ ವ್ಯಾಪಾರಿಗಳಿಗೆ ಜಿಎಸ್‌ಟಿ ತೆರಿಗೆ ಬಾಕಿ ನೋಟಿಸ್ ನೀಡಿದ್ದು ರಾಜ್ಯ ಸರ್ಕಾರವೇ ಹೊರತು ಕೇಂದ್ರ ಸರ್ಕಾರವಲ್ಲ ಎಂದು ಕೇಂದ್ರ ಸಚಿವ ಪ್ರಲ್ಹಾದ್ ಜೋಶಿ ಸ್ಪಷ್ಟಪಡಿಸಿದರು.

ರಾಜ್ಯ ವಾಣಿಜ್ಯ ತೆರಿಗೆ ಇಲಾಖೆ ನೋಟಿಸ್ ನೀಡಿ, ಈಗ ಕೇಂದ್ರದ ಮೇಲೆ ಆರೋಪ ಹೊರಿಸಲಾಗುತ್ತಿದೆ. ಕಾಂಗ್ರೆಸ್ ಸರ್ಕಾರ ಜನರನ್ನು ದಾರಿ ತಪ್ಪಿಸುತ್ತಿದೆ. ಯುಪಿಐ ವಹಿವಾಟು ಆಧರಿಸಿ ನೋಟಿಸ್ ನೀಡಿರುವುದು ಸರಿಯಲ್ಲ ಎಂದರು.

ಕೇಂದ್ರ ಸರ್ಕಾರ ಕೃಷಿ ಉತ್ಪನ್ನಗಳಿಗೆ ಬೆಂಬಲ ಬೆಲೆ ನಿಗದಿ ಮಾಡಿದೆ. ರೈತರ ಹಿತ ಕಾಯಲು ಬದ್ಧವಾಗಿದೆ. ರಾಜ್ಯ ಸರ್ಕಾರ ತನ್ನ ವೈಫಲ್ಯ ಮುಚ್ಚಿಕೊಳ್ಳಲು ಕೇಂದ್ರದ ಮೇಲೆ ಗೂಬೆ ಕೂರಿಸುತ್ತಿದೆ ಎಂದು ಟೀಕಿಸಿದರು.

ಸೇನೆಗೆ ಅಪಾಚೆ ಬಲ

ಪುಟ 0 ಭಾರತೀಯ ಸೇನೆಗೆ ಅಮೆರಿಕದಿಂದ ಅಪಾಚೆ ಯುದ್ಧ ಹೆಲಿಕಾಪ್ಟರ್‌ಗಳ ಮೊದಲ ಬ್ಯಾಚ್ ಹಸ್ತಾಂತರಗೊಂಡಿದೆ. ಇದರಿಂದ ಸೇನೆಯ ಯುದ್ಧ ಸಾಮರ್ಥ್ಯ ಮತ್ತಷ್ಟು ಹೆಚ್ಚಲಿದೆ.

ಗಡಿ ಪ್ರದೇಶಗಳಲ್ಲಿ ಕಣ್ಗಾವಲು ಮತ್ತು ದಾಳಿ ಕಾರ್ಯಾಚರಣೆಗಳಿಗೆ ಅಪಾಚೆ ಹೆಲಿಕಾಪ್ಟರ್‌ಗಳು ಉಪಯುಕ್ತವಾಗಲಿವೆ. ರಾತ್ರಿ ವೇಳೆಯೂ ಕಾರ್ಯಾಚರಣೆ ನಡೆಸುವ ಸಾಮರ್ಥ್ಯ ಹೊಂದಿವೆ.

ಜೋಧ್‌ಪುರದಲ್ಲಿ ನಿಯೋಜನೆ
ಭಾರತೀಯ ಸೇನೆಯ ಹೊಸ ಹೆಲಿಕಾಪ್ಟರ್ ಸ್ಕ್ವಾಡ್ರನ್ ಅನ್ನು ರಾಜಸ್ಥಾನದ ಜೋಧ್‌ಪುರದಲ್ಲಿ ನಿಯೋಜಿಸಲಾಗುತ್ತಿದೆ. ಪಶ್ಚಿಮ ಗಡಿಯಲ್ಲಿ ಭದ್ರತೆ ಹೆಚ್ಚಿಸಲು ಈ ಕ್ರಮ ಕೈಗೊಳ್ಳಲಾಗಿದೆ.

ಹಸ್ತಾಂತರ ಪ್ರಕ್ರಿಯೆ ವಿಳಂಬ ಏಕೆ? 2020ರಲ್ಲಿ ಅಮೆರಿಕದೊಂದಿಗೆ ಆರು ಹೆಲಿಕಾಪ್ಟರ್‌ಗಳ ಖರೀದಿಗೆ ಒಪ್ಪಂದ ಮಾಡಿಕೊಳ್ಳಲಾಗಿತ್ತು. 5,691 ಕೋಟಿ ರೂ. ವೆಚ್ಚದ ಈ ಒಪ್ಪಂದದಡಿ ಉಳಿದ ಹೆಲಿಕಾಪ್ಟರ್‌ಗಳು ಶೀಘ್ರ ಬರಲಿವೆ.

ಪ್ರಮುಖ ವೈಶಿಷ್ಟ್ಯಗಳು

ಕಾಡಿನಲ್ಲಿ ಜಾನುವಾರು ಮೇಯಿಸುವುದಕ್ಕೆ ನಿಷೇಧ

ಪುಟ 0 ಅರಣ್ಯ ಪ್ರದೇಶಗಳಲ್ಲಿ ಜಾನುವಾರುಗಳನ್ನು ಮೇಯಿಸುವುದನ್ನು ಅರಣ್ಯ ಇಲಾಖೆ ನಿಷೇಧಿಸಿದೆ. ವನ್ಯಜೀವಿಗಳಿಗೆ ರೋಗ ಹರಡುವುದನ್ನು ತಡೆಯಲು ಈ ಕ್ರಮ ಕೈಗೊಳ್ಳಲಾಗಿದೆ.

ಇತ್ತೀಚೆಗೆ ಮಲೆ ಮಹದೇಶ್ವರ ವನ್ಯಜೀವಿ ಧಾಮದಲ್ಲಿ ಹುಲಿಗಳು ಸಾವನ್ನಪ್ಪಿದ ಹಿನ್ನೆಲೆಯಲ್ಲಿ ಈ ನಿರ್ಧಾರ ಕೈಗೊಳ್ಳಲಾಗಿದೆ. ಜಾನುವಾರುಗಳ ಮೂಲಕ ರೋಗ ಹರಡುವ ಸಾಧ್ಯತೆ ಇದೆ ಎಂದು ತಜ್ಞರು ಅಭಿಪ್ರಾಯಪಟ್ಟಿದ್ದಾರೆ.

ನಿಯಮ ಉಲ್ಲಂಘಿಸುವವರ ವಿರುದ್ಧ ಕಾನೂನು ಕ್ರಮ ಕೈಗೊಳ್ಳಲಾಗುವುದು. ಅರಣ್ಯದಂಚಿನ ಗ್ರಾಮಸ್ಥರಿಗೆ ಜಾಗೃತಿ ಮೂಡಿಸುವ ಕಾರ್ಯಕ್ರಮ ಹಮ್ಮಿಕೊಳ್ಳಲಾಗುವುದು ಎಂದು ಸಚಿವ ಈಶ್ವರ ಖಂಡ್ರೆ ತಿಳಿಸಿದ್ದಾರೆ.
